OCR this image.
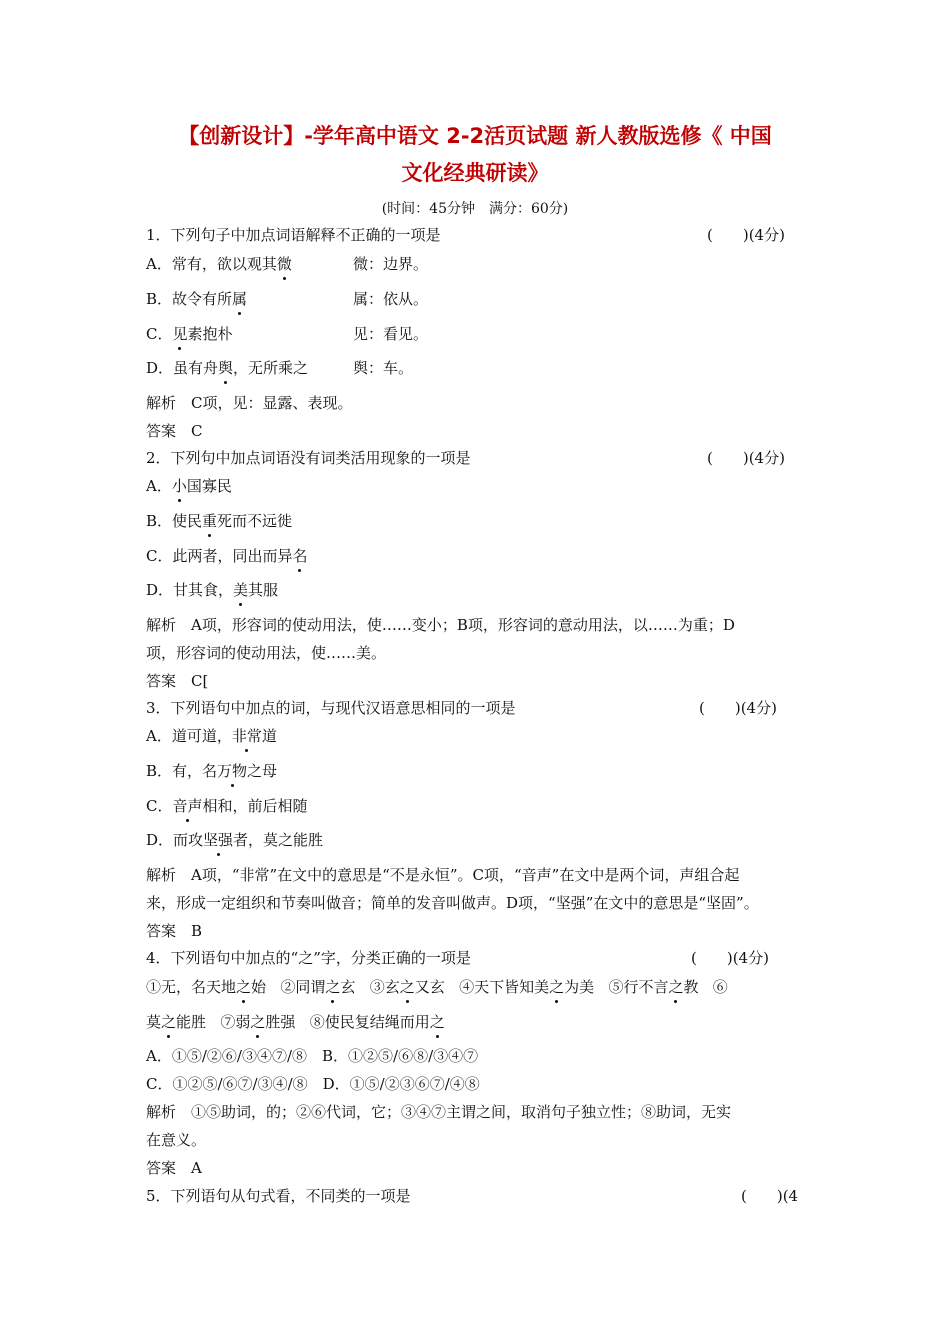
【创新设计】-学年高中语文 2-2活页试题 新人教版选修《 中国
文化经典研读》
(时间：45分钟　满分：60分)
1．下列句子中加点词语解释不正确的一项是	(　　)(4分)
A．常有，欲以观其微	微：边界。
B．故令有所属	属：依从。
C．见素抱朴	见：看见。
D．虽有舟舆，无所乘之	舆：车。
解析　C项，见：显露、表现。
答案　C
2．下列句中加点词语没有词类活用现象的一项是	(　　)(4分)
A．小国寡民
B．使民重死而不远徙
C．此两者，同出而异名
D．甘其食，美其服
解析　A项，形容词的使动用法，使……变小；B项，形容词的意动用法，以……为重；D
项，形容词的使动用法，使……美。
答案　C[
3．下列语句中加点的词，与现代汉语意思相同的一项是	(　　)(4分)
A．道可道，非常道
B．有，名万物之母
C．音声相和，前后相随
D．而攻坚强者，莫之能胜
解析　A项，“非常”在文中的意思是“不是永恒”。C项，“音声”在文中是两个词，声组合起
来，形成一定组织和节奏叫做音；简单的发音叫做声。D项，“坚强”在文中的意思是“坚固”。
答案　B
4．下列语句中加点的“之”字，分类正确的一项是	(　　)(4分)
①无，名天地之始 ②同谓之玄 ③玄之又玄 ④天下皆知美之为美 ⑤行不言之教 ⑥
莫之能胜 ⑦弱之胜强 ⑧使民复结绳而用之
A．①⑤/②⑥/③④⑦/⑧　B．①②⑤/⑥⑧/③④⑦
C．①②⑤/⑥⑦/③④/⑧　D．①⑤/②③⑥⑦/④⑧
解析　①⑤助词，的；②⑥代词，它；③④⑦主谓之间，取消句子独立性；⑧助词，无实
在意义。
答案　A
5．下列语句从句式看，不同类的一项是	(　　)(4
